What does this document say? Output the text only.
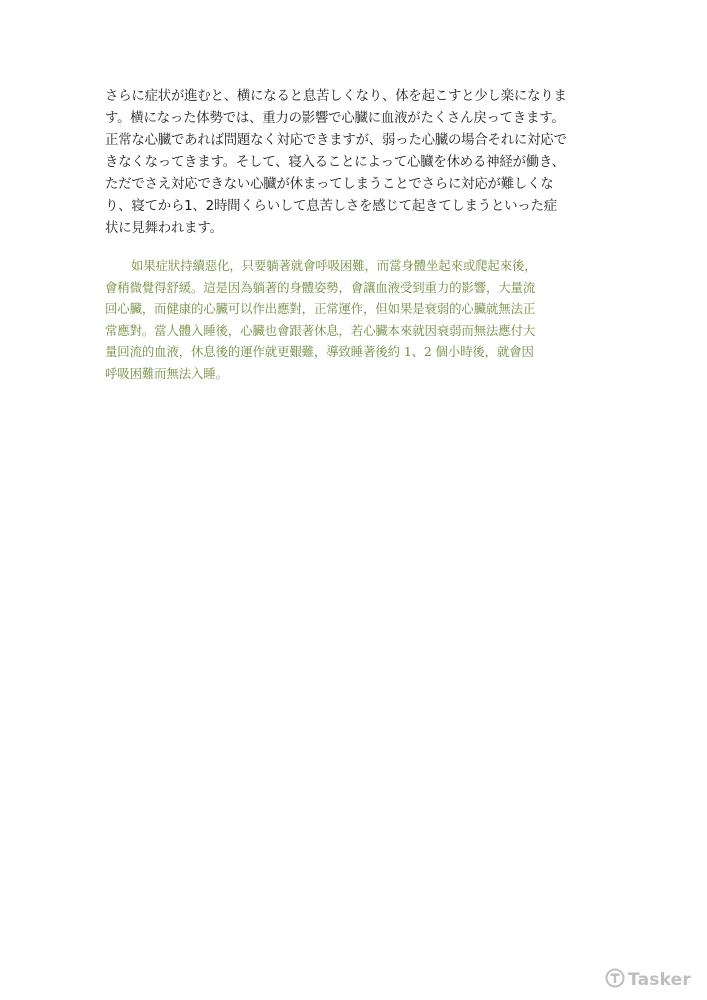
さらに症状が進むと、横になると息苦しくなり、体を起こすと少し楽になりま
す。横になった体勢では、重力の影響で心臓に血液がたくさん戻ってきます。
正常な心臓であれば問題なく対応できますが、弱った心臓の場合それに対応で
きなくなってきます。そして、寝入ることによって心臓を休める神経が働き、
ただでさえ対応できない心臓が休まってしまうことでさらに対応が難しくな
り、寝てから1、2時間くらいして息苦しさを感じて起きてしまうといった症
状に見舞われます。
如果症狀持續惡化，只要躺著就會呼吸困難，而當身體坐起來或爬起來後，
會稍微覺得舒緩。這是因為躺著的身體姿勢，會讓血液受到重力的影響，大量流
回心臟，而健康的心臟可以作出應對，正常運作，但如果是衰弱的心臟就無法正
常應對。當人體入睡後，心臟也會跟著休息，若心臟本來就因衰弱而無法應付大
量回流的血液，休息後的運作就更艱難，導致睡著後約 1、2 個小時後，就會因
呼吸困難而無法入睡。
Tasker
